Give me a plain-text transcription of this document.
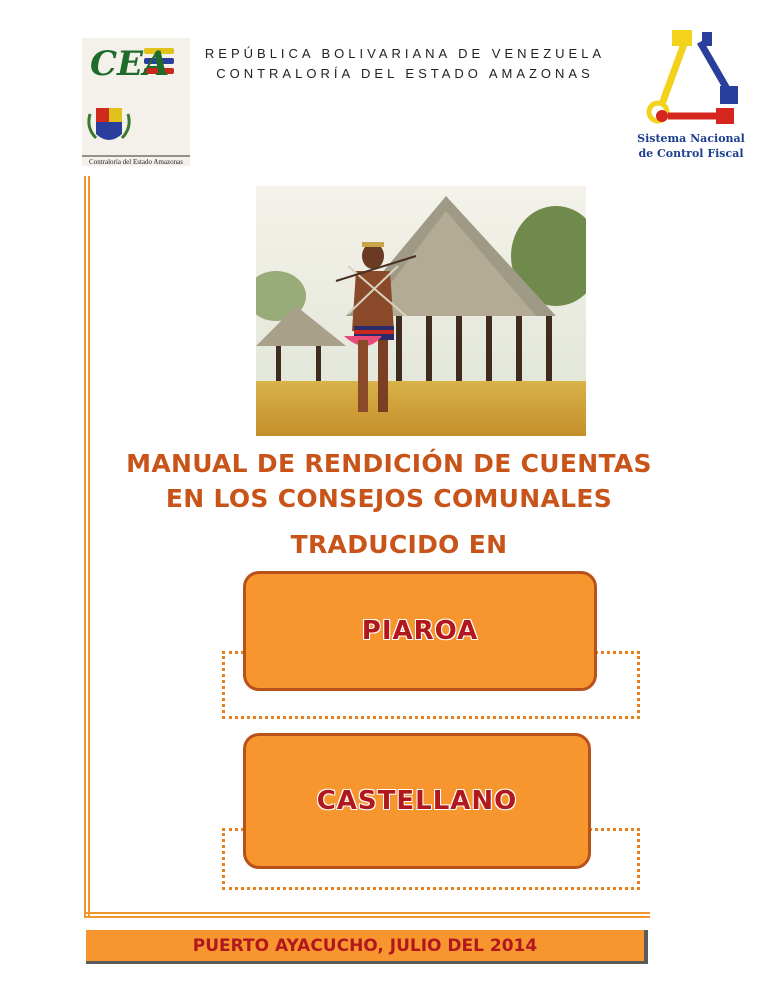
CEA
Contraloría del Estado Amazonas
REPÚBLICA BOLIVARIANA DE VENEZUELA
CONTRALORÍA DEL ESTADO AMAZONAS
Sistema Nacional
de Control Fiscal
MANUAL DE RENDICIÓN DE CUENTAS
EN LOS CONSEJOS COMUNALES
TRADUCIDO EN
PIAROA
CASTELLANO
PUERTO AYACUCHO, JULIO DEL 2014
